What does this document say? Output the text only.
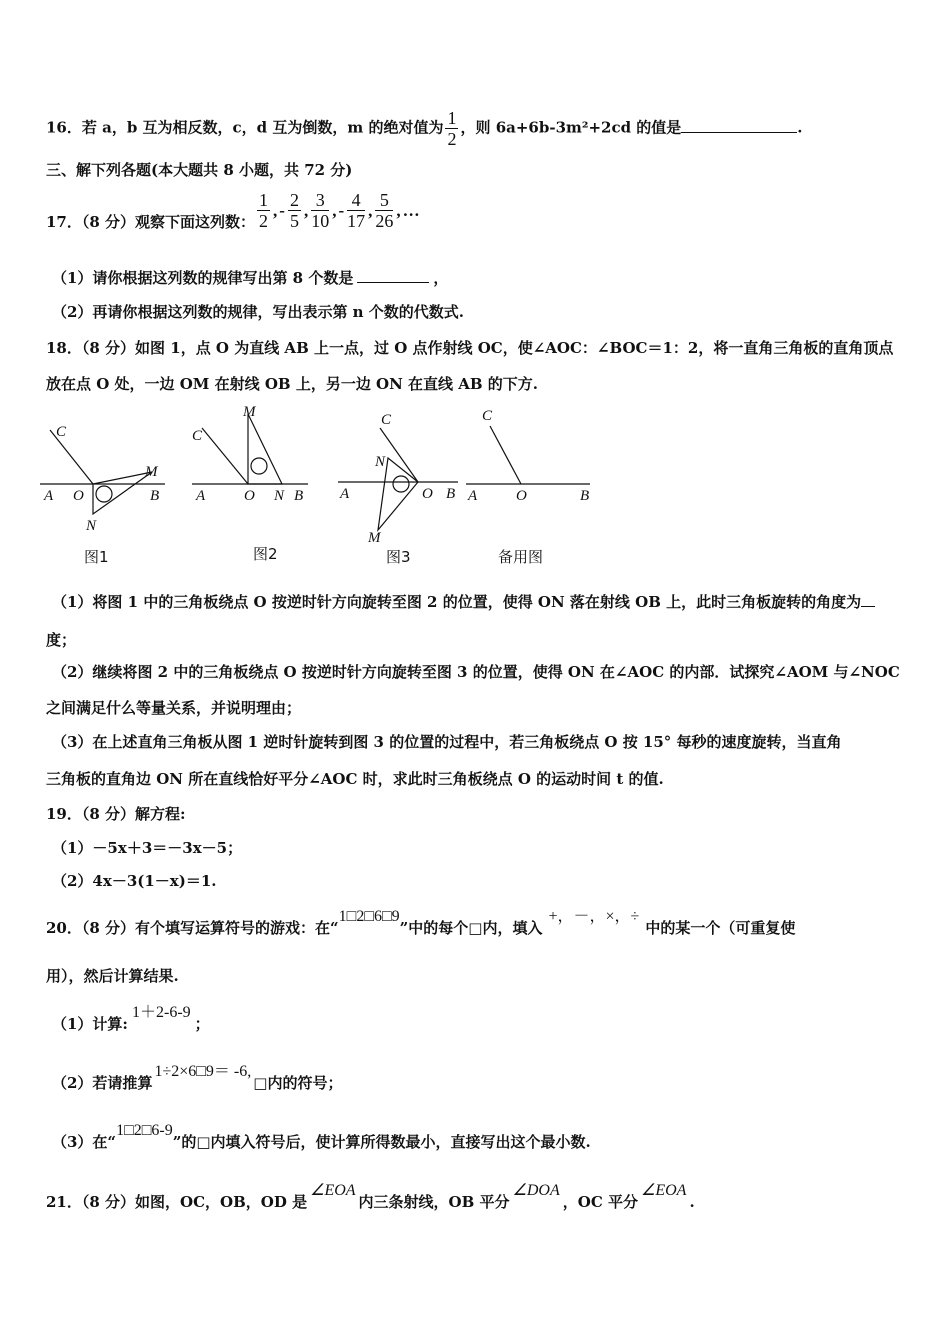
16．若 a，b 互为相反数，c，d 互为倒数，m 的绝对值为 $\frac{1}{2}$ ，则 6a+6b-3m²+2cd 的值是	.
三、解下列各题(本大题共 8 小题，共 72 分)
17．（8 分）观察下面这列数： $\frac{1}{2}$ , - $\frac{2}{5}$ , $\frac{3}{10}$ , - $\frac{4}{17}$ , $\frac{5}{26}$ , …
（1）请你根据这列数的规律写出第 8 个数是	，
（2）再请你根据这列数的规律，写出表示第 n 个数的代数式.
18．（8 分）如图 1，点 O 为直线 AB 上一点，过 O 点作射线 OC，使∠AOC：∠BOC＝1：2，将一直角三角板的直角顶点
放在点 O 处，一边 OM 在射线 OB 上，另一边 ON 在直线 AB 的下方.
C
A O
M
B
N
C
M
A	O N B
C
N
A	O B
M
C
A	O	B
图1	图2	图3	备用图
（1）将图 1 中的三角板绕点 O 按逆时针方向旋转至图 2 的位置，使得 ON 落在射线 OB 上，此时三角板旋转的角度为
度；
（2）继续将图 2 中的三角板绕点 O 按逆时针方向旋转至图 3 的位置，使得 ON 在∠AOC 的内部．试探究∠AOM 与∠NOC
之间满足什么等量关系，并说明理由；
（3）在上述直角三角板从图 1 逆时针旋转到图 3 的位置的过程中，若三角板绕点 O 按 15° 每秒的速度旋转，当直角
三角板的直角边 ON 所在直线恰好平分∠AOC 时，求此时三角板绕点 O 的运动时间 t 的值.
19．（8 分）解方程:
（1）－5x＋3＝－3x－5；
（2）4x－3(1－x)＝1.
20．（8 分）有个填写运算符号的游戏：在“1□2□6□9”中的每个□内，填入+，－，×，÷中的某一个（可重复使
用），然后计算结果.
（1）计算:1＋2-6-9；
（2）若请推算1÷2×6□9＝ -6,□内的符号；
（3）在“1□2□6-9”的□内填入符号后，使计算所得数最小，直接写出这个最小数.
21．（8 分）如图，OC，OB，OD 是∠EOA内三条射线，OB 平分∠DOA，OC 平分∠EOA.
